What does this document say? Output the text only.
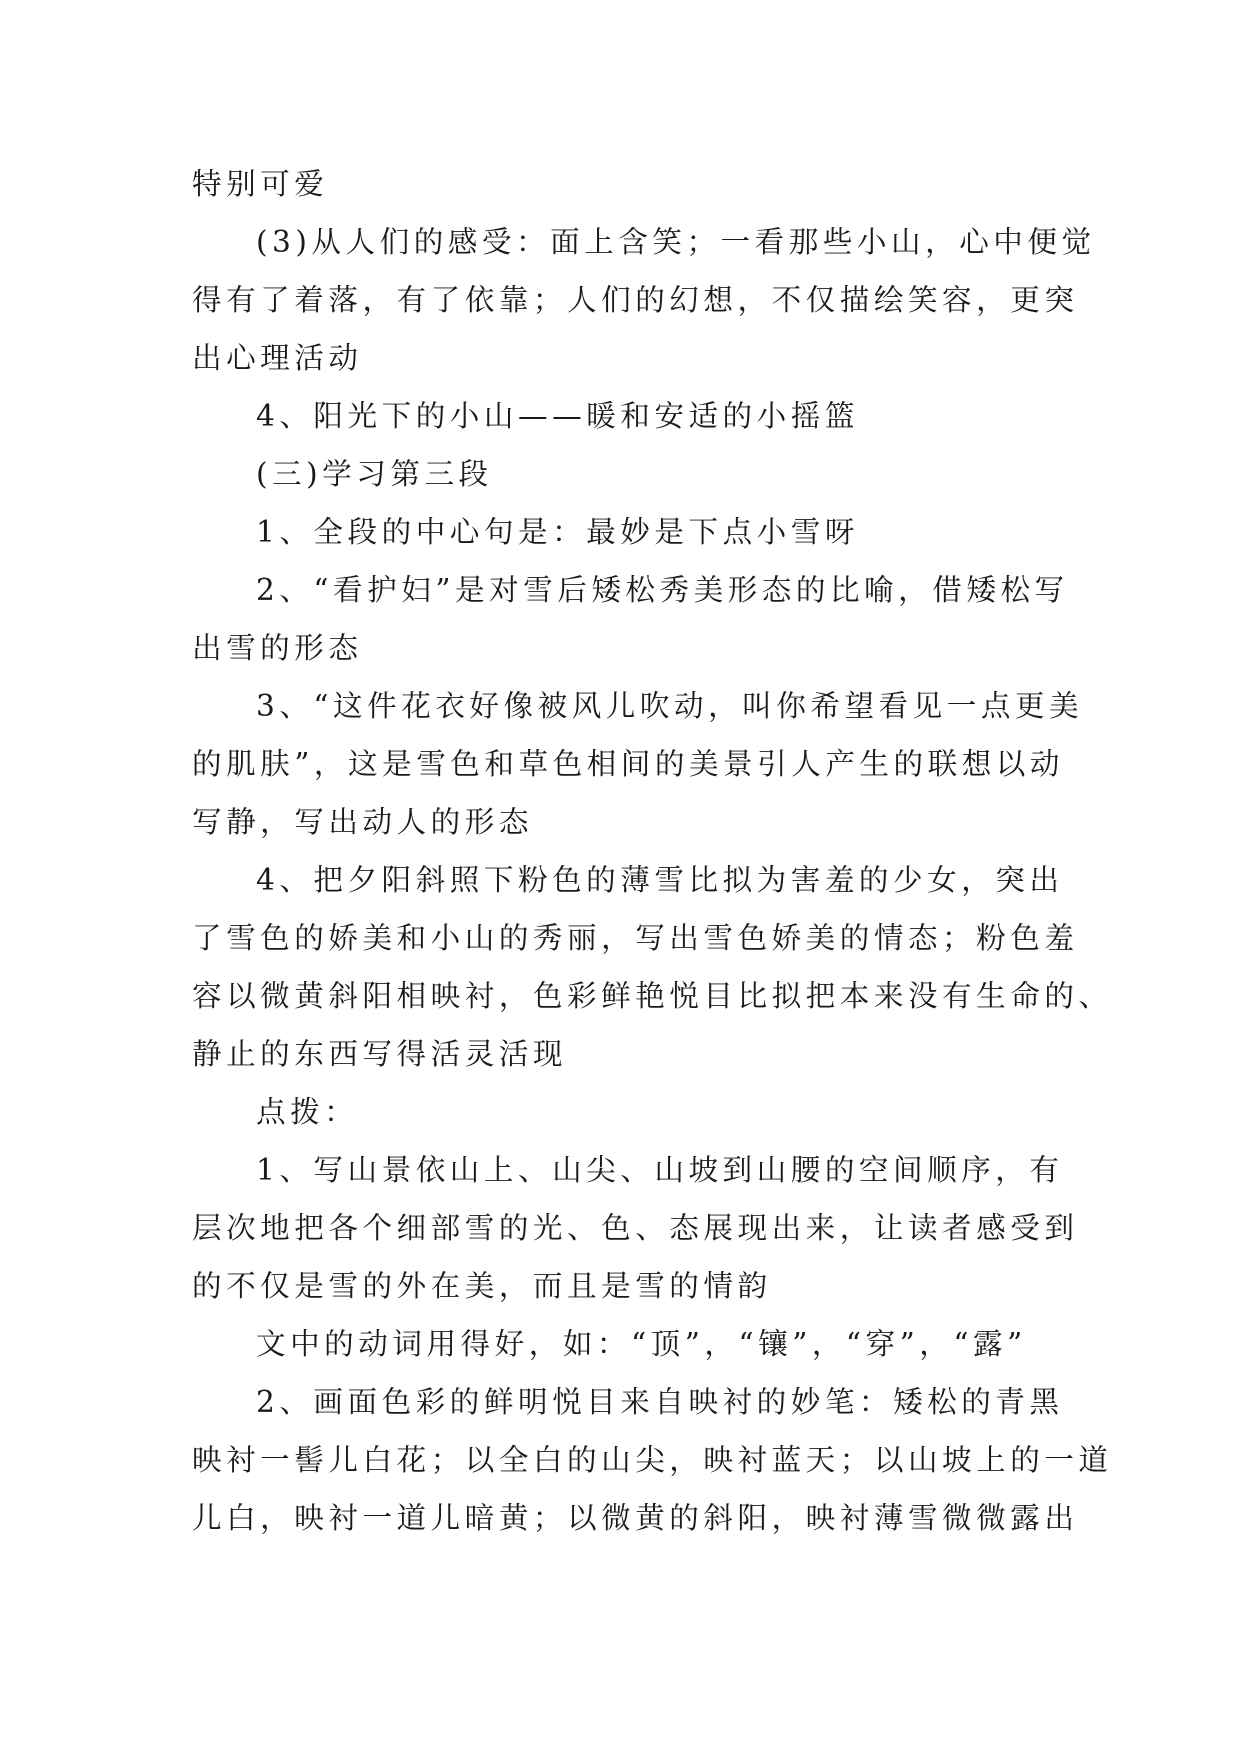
特别可爱
(3)从人们的感受：面上含笑；一看那些小山，心中便觉
得有了着落，有了依靠；人们的幻想，不仅描绘笑容，更突
出心理活动
4、阳光下的小山——暖和安适的小摇篮
(三)学习第三段
1、全段的中心句是：最妙是下点小雪呀
2、“看护妇”是对雪后矮松秀美形态的比喻，借矮松写
出雪的形态
3、“这件花衣好像被风儿吹动，叫你希望看见一点更美
的肌肤”，这是雪色和草色相间的美景引人产生的联想以动
写静，写出动人的形态
4、把夕阳斜照下粉色的薄雪比拟为害羞的少女，突出
了雪色的娇美和小山的秀丽，写出雪色娇美的情态；粉色羞
容以微黄斜阳相映衬，色彩鲜艳悦目比拟把本来没有生命的、
静止的东西写得活灵活现
点拨：
1、写山景依山上、山尖、山坡到山腰的空间顺序，有
层次地把各个细部雪的光、色、态展现出来，让读者感受到
的不仅是雪的外在美，而且是雪的情韵
文中的动词用得好，如：“顶”，“镶”，“穿”，“露”
2、画面色彩的鲜明悦目来自映衬的妙笔：矮松的青黑
映衬一髻儿白花；以全白的山尖，映衬蓝天；以山坡上的一道
儿白，映衬一道儿暗黄；以微黄的斜阳，映衬薄雪微微露出
